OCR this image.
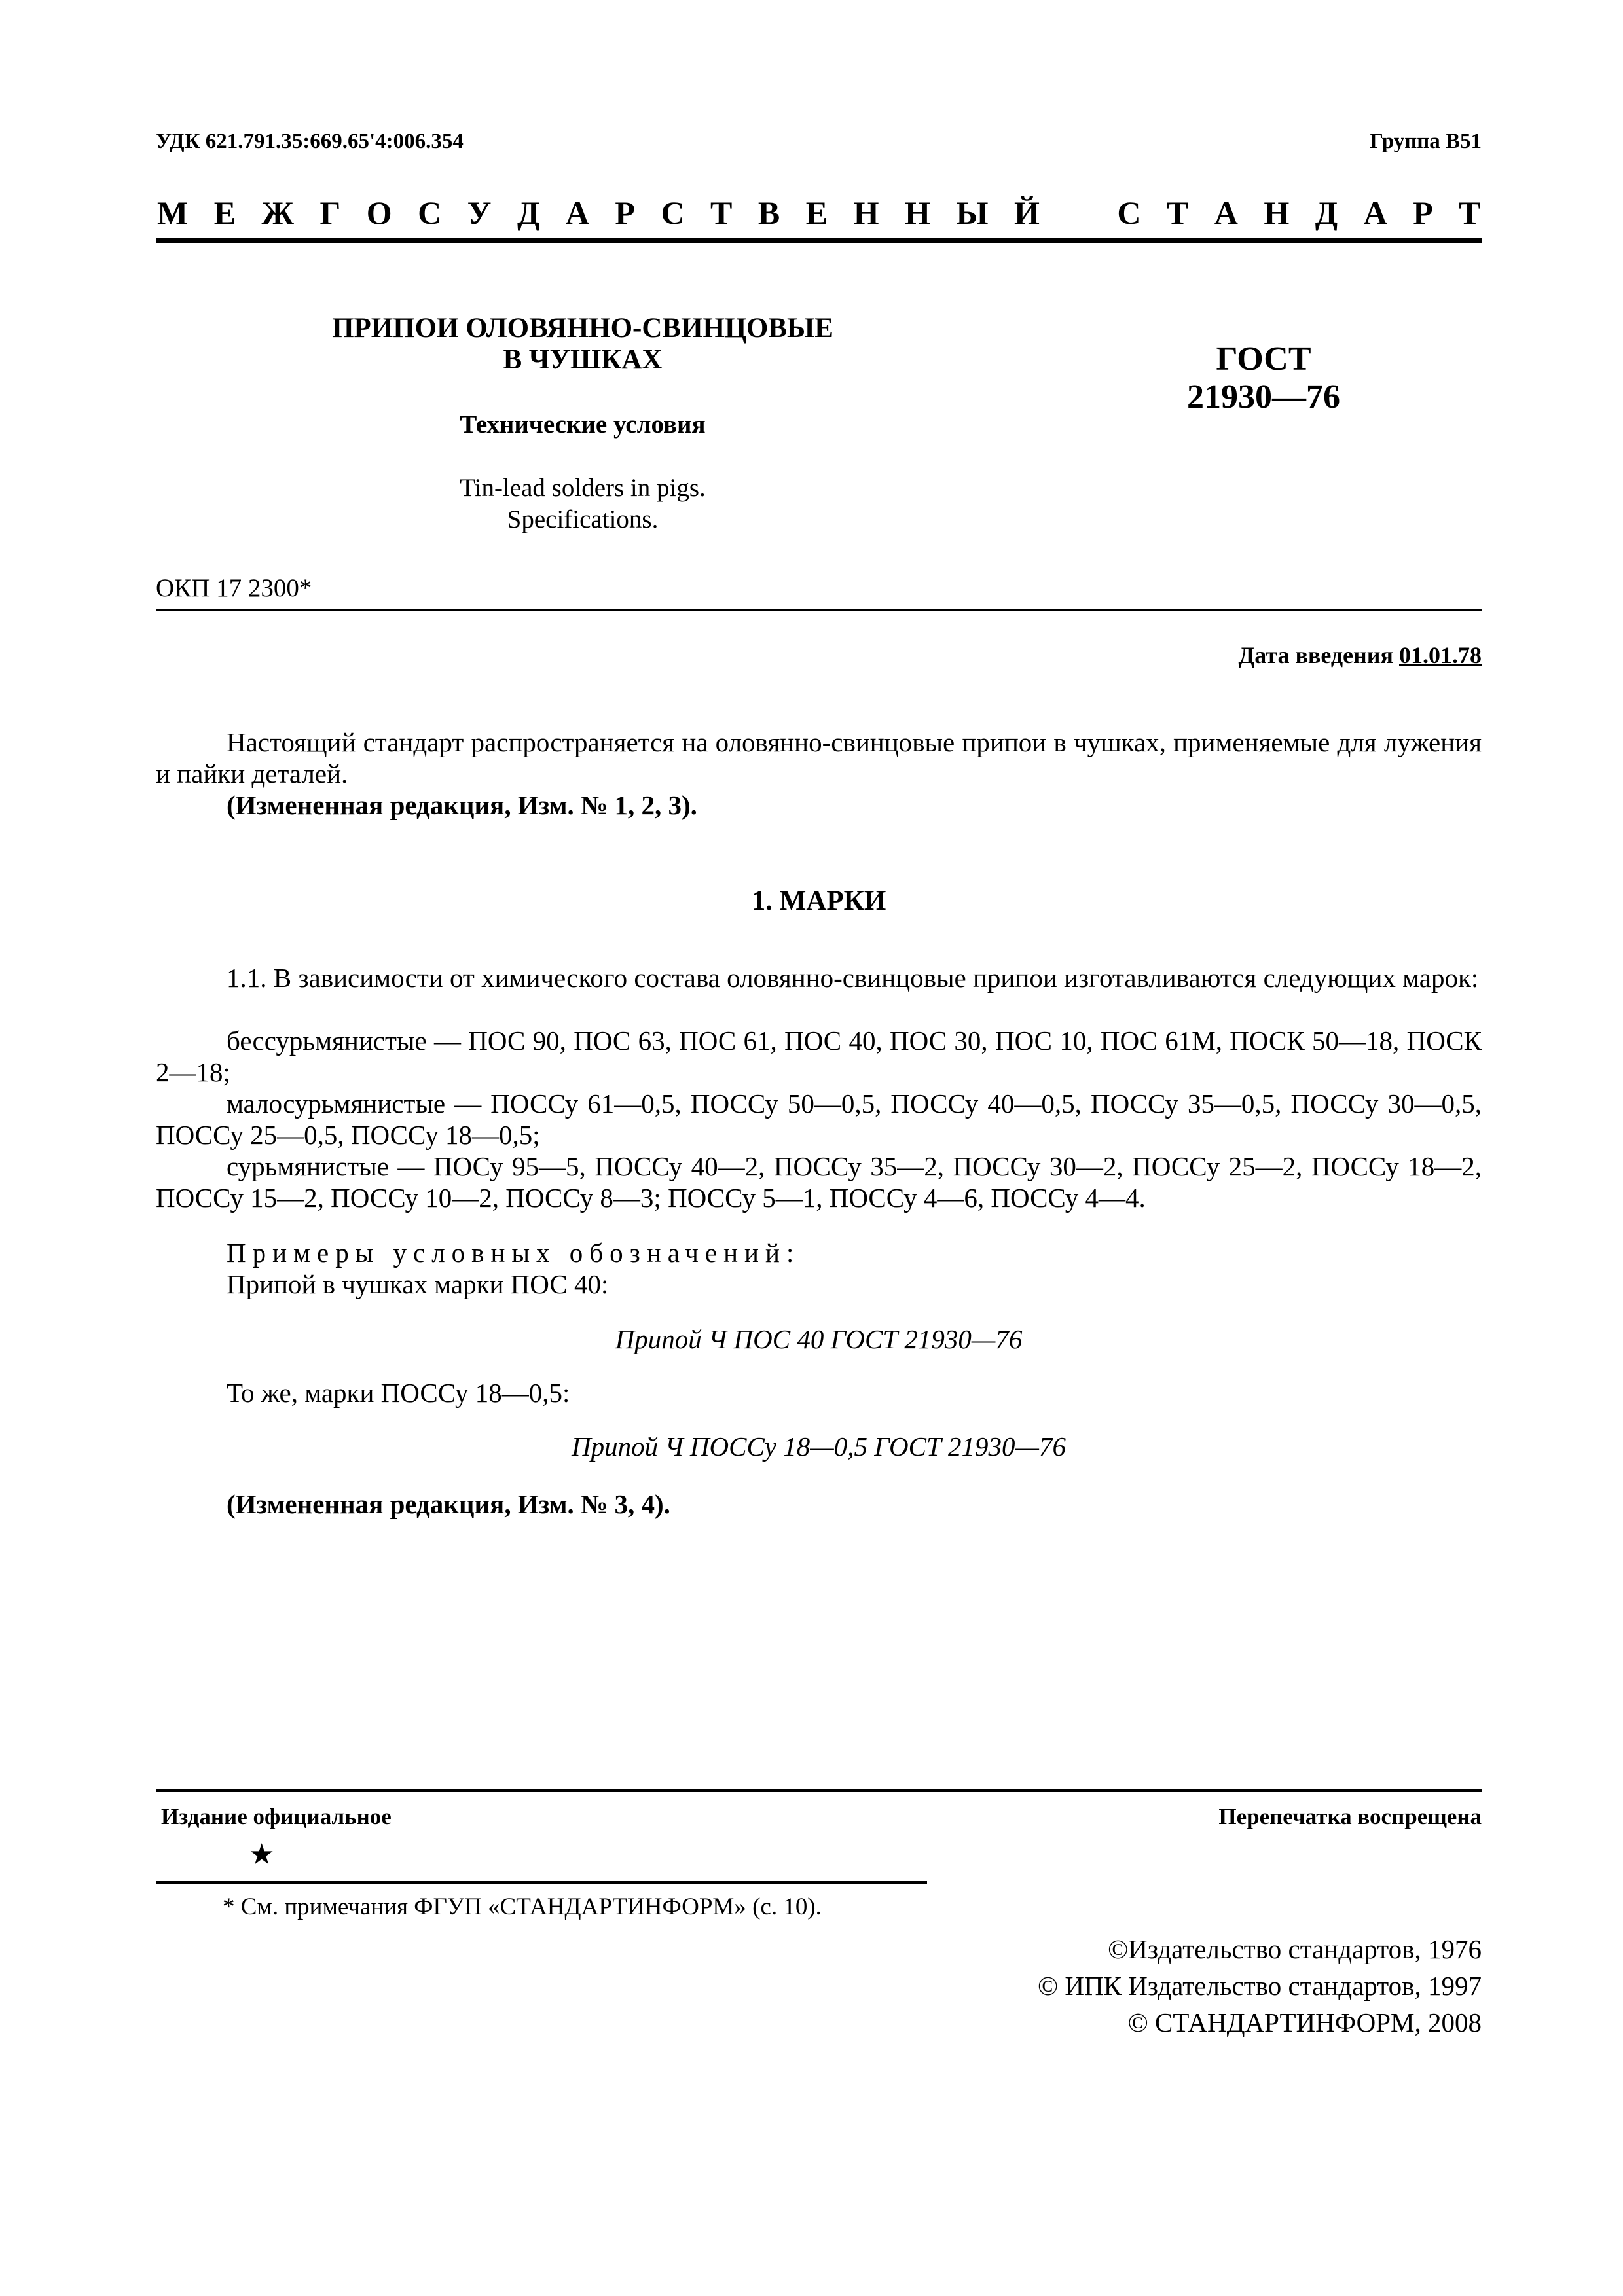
УДК 621.791.35:669.65'4:006.354	Группа В51
М Е Ж Г О С У Д А Р С Т В Е Н Н Ы Й С Т А Н Д А Р Т
ПРИПОИ ОЛОВЯННО-СВИНЦОВЫЕ
В ЧУШКАХ	ГОСТ
21930—76
Технические условия
Tin-lead solders in pigs.
Specifications.
ОКП 17 2300*
Дата введения 01.01.78
Настоящий стандарт распространяется на оловянно-свинцовые припои в чушках, применяемые для лужения и пайки деталей.
(Измененная редакция, Изм. № 1, 2, 3).
1. МАРКИ
1.1. В зависимости от химического состава оловянно-свинцовые припои изготавливаются следующих марок:
бессурьмянистые — ПОС 90, ПОС 63, ПОС 61, ПОС 40, ПОС 30, ПОС 10, ПОС 61М, ПОСК 50—18, ПОСК 2—18;
малосурьмянистые — ПОССу 61—0,5, ПОССу 50—0,5, ПОССу 40—0,5, ПОССу 35—0,5, ПОССу 30—0,5, ПОССу 25—0,5, ПОССу 18—0,5;
сурьмянистые — ПОСу 95—5, ПОССу 40—2, ПОССу 35—2, ПОССу 30—2, ПОССу 25—2, ПОССу 18—2, ПОССу 15—2, ПОССу 10—2, ПОССу 8—3; ПОССу 5—1, ПОССу 4—6, ПОССу 4—4.
Примеры условных обозначений:
Припой в чушках марки ПОС 40:
Припой Ч ПОС 40 ГОСТ 21930—76
То же, марки ПОССу 18—0,5:
Припой Ч ПОССу 18—0,5 ГОСТ 21930—76
(Измененная редакция, Изм. № 3, 4).
Издание официальное
★
Перепечатка воспрещена
* См. примечания ФГУП «СТАНДАРТИНФОРМ» (с. 10).
©Издательство стандартов, 1976
© ИПК Издательство стандартов, 1997
© СТАНДАРТИНФОРМ, 2008
